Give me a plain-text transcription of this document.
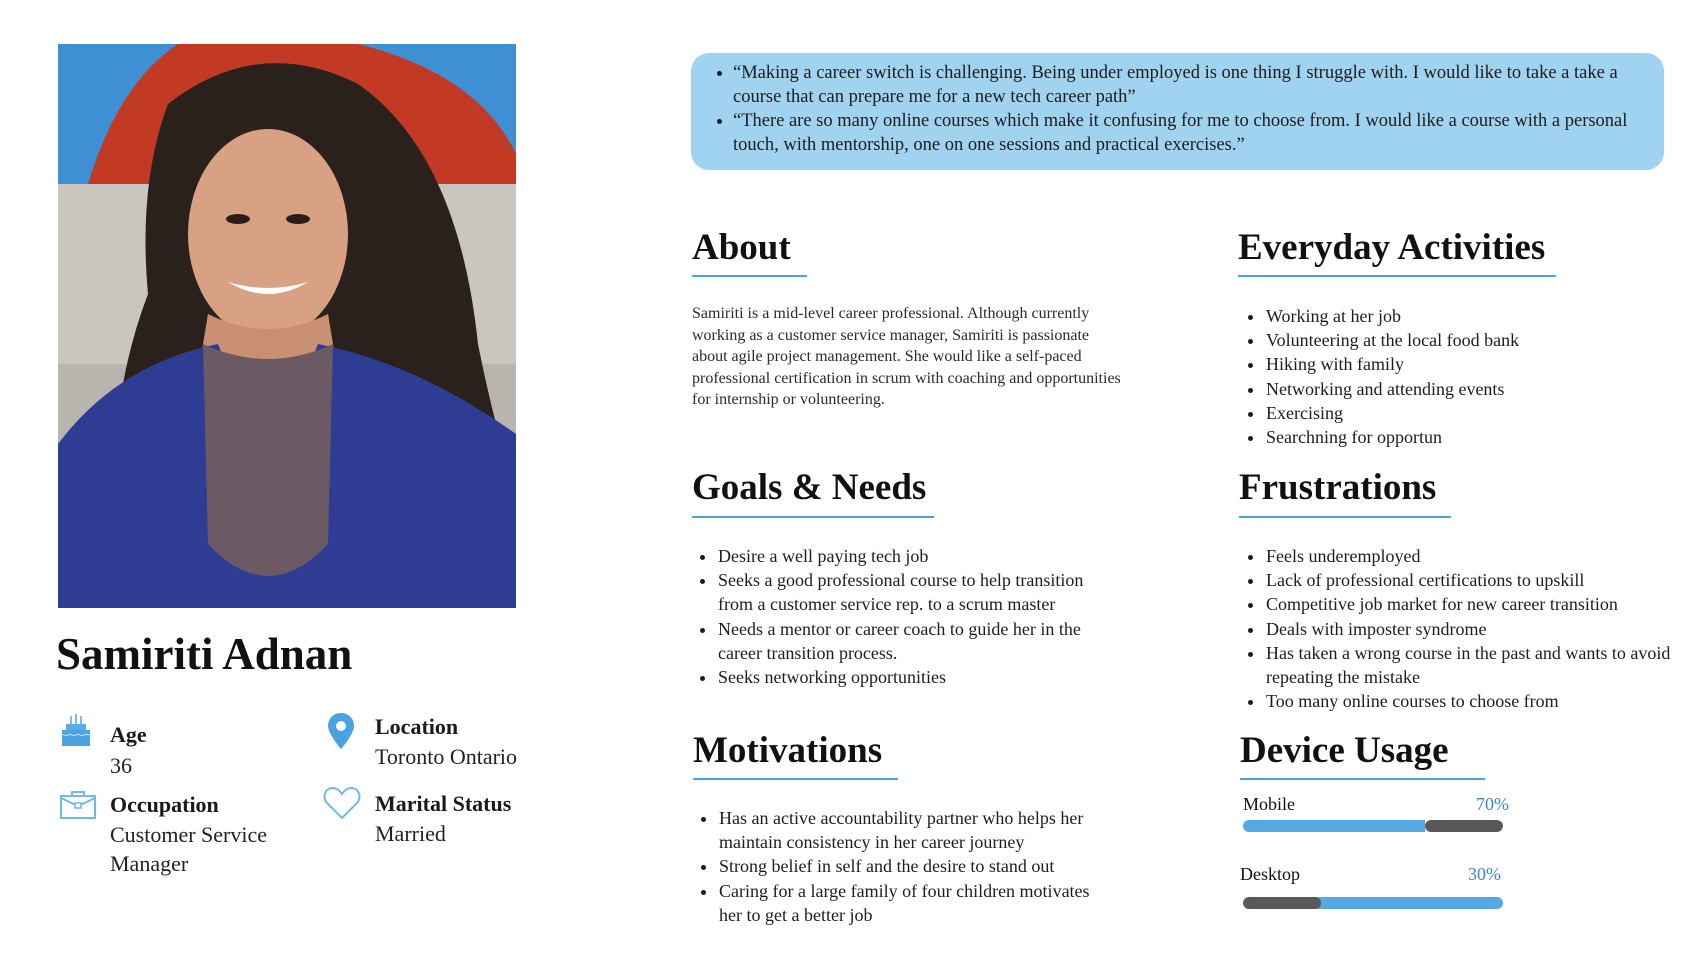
Samiriti Adnan
Age
36
Occupation
Customer Service Manager
Location
Toronto Ontario
Marital Status
Married
“Making a career switch is challenging. Being under employed is one thing I struggle with. I would like to take a take a course that can prepare me for a new tech career path”
“There are so many online courses which make it confusing for me to choose from. I would like a course with a personal touch, with mentorship, one on one sessions and practical exercises.”
About

Samiriti is a mid-level career professional. Although currently working as a customer service manager, Samiriti is passionate about agile project management. She would like a self-paced professional certification in scrum with coaching and opportunities for internship or volunteering.

Everyday Activities
Working at her job
Volunteering at the local food bank
Hiking with family
Networking and attending events
Exercising
Searchning for opportun
Goals & Needs
Desire a well paying tech job
Seeks a good professional course to help transition from a customer service rep. to a scrum master
Needs a mentor or career coach to guide her in the career transition process.
Seeks networking opportunities
Frustrations
Feels underemployed
Lack of professional certifications to upskill
Competitive job market for new career transition
Deals with imposter syndrome
Has taken a wrong course in the past and wants to avoid repeating the mistake
Too many online courses to choose from
Motivations
Has an active accountability partner who helps her maintain consistency in her career journey
Strong belief in self and the desire to stand out
Caring for a large family of four children motivates her to get a better job
Device Usage
Mobile	70%
Desktop	30%
